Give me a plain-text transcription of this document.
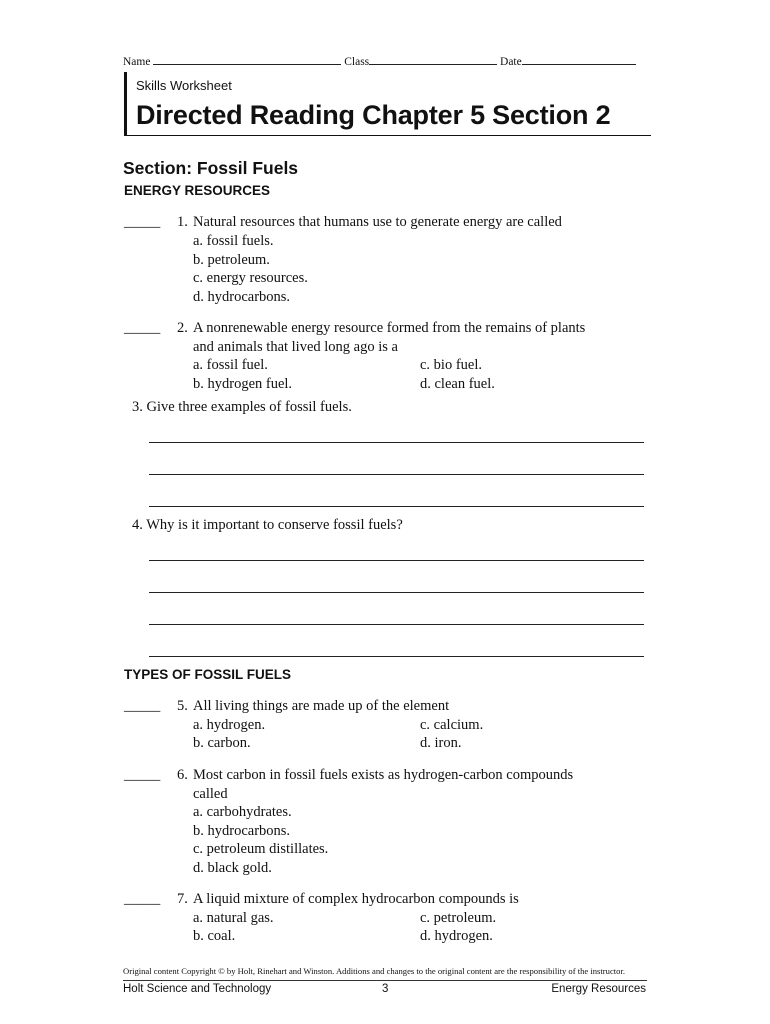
Name	Class	Date
Skills Worksheet
Directed Reading Chapter 5 Section 2
Section: Fossil Fuels
ENERGY RESOURCES
_____ 1. Natural resources that humans use to generate energy are called
a. fossil fuels.
b. petroleum.
c. energy resources.
d. hydrocarbons.
_____ 2. A nonrenewable energy resource formed from the remains of plants
and animals that lived long ago is a
a. fossil fuel.	c. bio fuel.
b. hydrogen fuel.	d. clean fuel.
3. Give three examples of fossil fuels.
4. Why is it important to conserve fossil fuels?
TYPES OF FOSSIL FUELS
_____ 5. All living things are made up of the element
a. hydrogen.	c. calcium.
b. carbon.	d. iron.
_____ 6. Most carbon in fossil fuels exists as hydrogen-carbon compounds
called
a. carbohydrates.
b. hydrocarbons.
c. petroleum distillates.
d. black gold.
_____ 7. A liquid mixture of complex hydrocarbon compounds is
a. natural gas.	c. petroleum.
b. coal.	d. hydrogen.
Original content Copyright © by Holt, Rinehart and Winston. Additions and changes to the original content are the responsibility of the instructor.
Holt Science and Technology	3	Energy Resources
